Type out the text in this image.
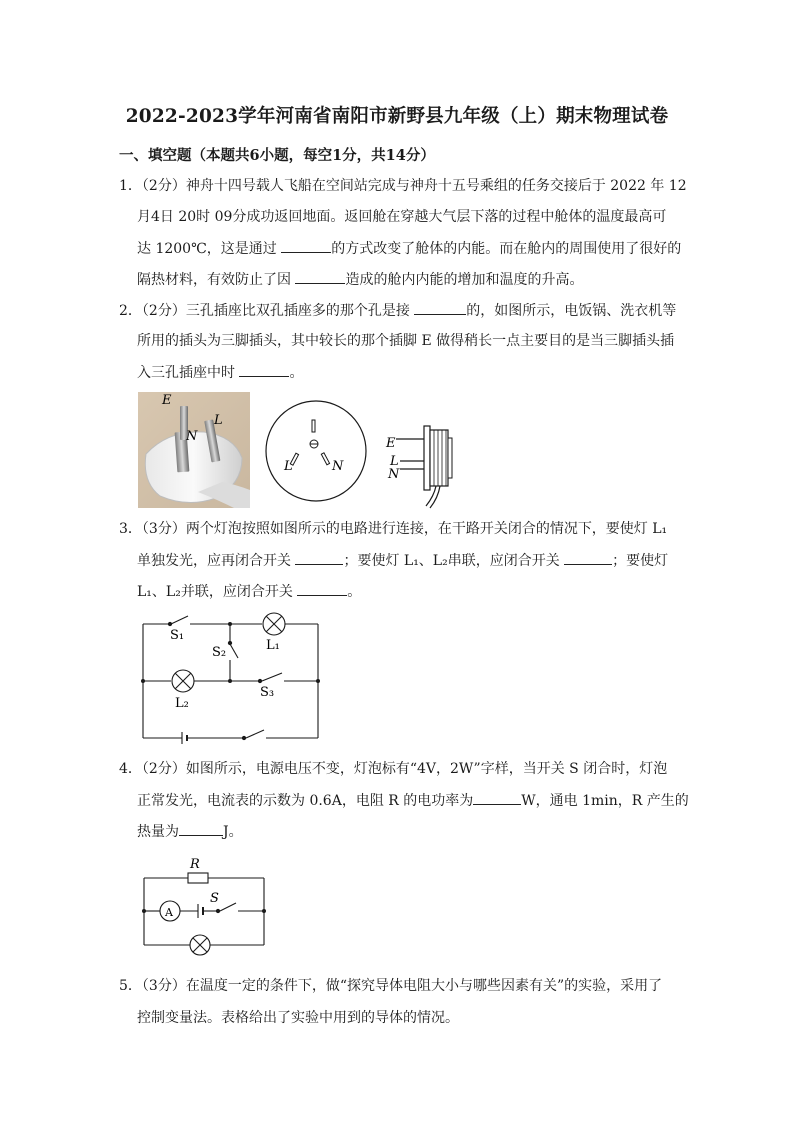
2022-2023学年河南省南阳市新野县九年级（上）期末物理试卷
一、填空题（本题共6小题，每空1分，共14分）
1．（2分）神舟十四号载人飞船在空间站完成与神舟十五号乘组的任务交接后于 2022 年 12
月4日 20时 09分成功返回地面。返回舱在穿越大气层下落的过程中舱体的温度最高可
达 1200℃，这是通过	的方式改变了舱体的内能。而在舱内的周围使用了很好的
隔热材料，有效防止了因	造成的舱内内能的增加和温度的升高。
2．（2分）三孔插座比双孔插座多的那个孔是接	的，如图所示，电饭锅、洗衣机等
所用的插头为三脚插头，其中较长的那个插脚 E 做得稍长一点主要目的是当三脚插头插
入三孔插座中时	。
E
L
N
L	N
E
L
N
3．（3分）两个灯泡按照如图所示的电路进行连接，在干路开关闭合的情况下，要使灯 L₁
单独发光，应再闭合开关	；要使灯 L₁、L₂串联，应闭合开关	；要使灯
L₁、L₂并联，应闭合开关	。
S₁
S₂	L₁
L₂
S₃
4．（2分）如图所示，电源电压不变，灯泡标有“4V，2W”字样，当开关 S 闭合时，灯泡
正常发光，电流表的示数为 0.6A，电阻 R 的电功率为	W，通电 1min，R 产生的
热量为	J。
R
A
S
5．（3分）在温度一定的条件下，做“探究导体电阻大小与哪些因素有关”的实验，采用了
控制变量法。表格给出了实验中用到的导体的情况。
